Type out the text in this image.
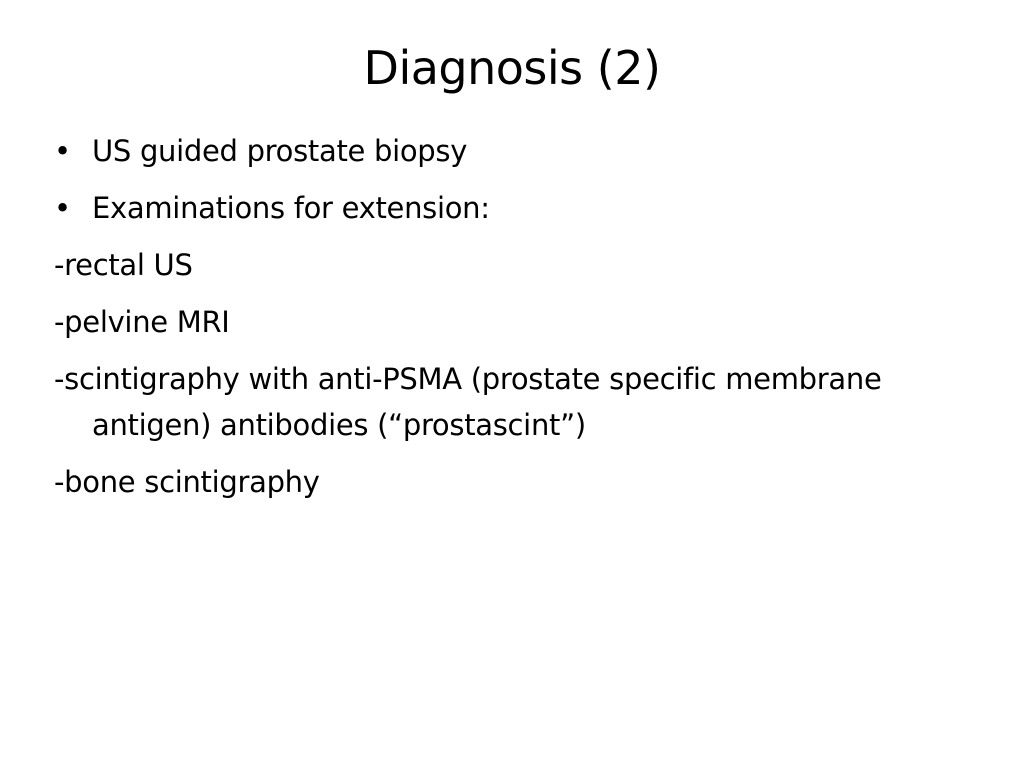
Diagnosis (2)
• US guided prostate biopsy
• Examinations for extension:
-rectal US
-pelvine MRI
-scintigraphy with anti-PSMA (prostate specific membrane antigen) antibodies (“prostascint”)
-bone scintigraphy
